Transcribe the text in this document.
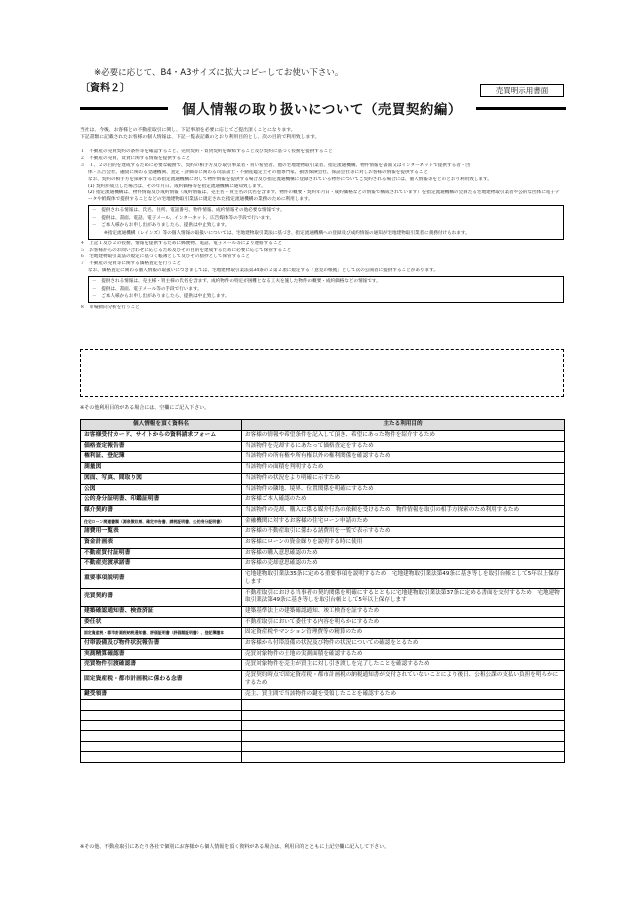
※必要に応じて、B4・A3サイズに拡大コピーしてお使い下さい。
〔資料２〕	売買明示用書面
個人情報の取り扱いについて（売買契約編）

当社は、今後、お客様との不動産取引に関し、下記事項を必要に応じてご提出頂くことになります。

下記書類に記載されたお客様の個人情報は、下記一覧表記載のとおり利用目的とし、次の目的で利用致します。

１　不動産の売買契約の条件等を確認すること、売買契約・賃貸契約を締結すること及び契約に基づく役務を提供すること

２　不動産の売買、賃貸に関する情報を提供すること

３　１、２の目的を達成するために必要な範囲で、契約の相手方及び取引事業者・買い希望者、他の宅地建物取引業者、指定流通機構、物件情報を書面又はインターネットで提供する者・団

体・広告会社、融資に関わる金融機関、査定・評価等に関わる司法書士・不動産鑑定士その他専門家、損害保険会社、保証会社等に対しお客様の情報を提供すること

なお、契約の相手方を探索するため指定流通機構に対して物件情報を提供する場合及び指定流通機構に登録されている物件についてご契約される場合には、個人情報等をとのとおり利用致します。

(1) 契約が成立した場合は、その年月日、成約価格等を指定流通機構に通知致します。

(2) 指定流通機構は、物件情報及び成約情報（成約情報は、売主名・買主名の氏名を含まず、物件の概要・契約年月日・成約価格などの情報で構成されています）を指定流通機構の会員たる宅地建物取引業者や公的な団体に電子データや紙媒体で提供することなどの宅地建物取引業法に規定された指定流通機構の業務のために利用します。

－　提供される情報は、氏名、住所、電話番号、物件情報、成約情報その他必要な情報です。

－　提供は、書面、電話、電子メール、インターネット、広告媒体等の手段で行います。

－　ご本人様からお申し出がありましたら、提供は中止致します。

※指定流通機構（レインズ）等の個人情報の取扱いについては、宅地建物取引業法に基づき、指定流通機構への登録及び成約情報の通知が宅地建物取引業者に義務付けられます。

４　上記１及び２の役務、情報を提供するために郵便物、電話、電子メール等により連絡すること

５　お客様からのお問い合わせに応じるため及びその目的を達成するために必要に応じて保管すること

６　宅地建物取引業法の規定に基づく帳簿として及びその謄抄として保管すること

７　不動産の売買等に関する価格査定を行うこと

なお、価格査定に関わる個人情報の取扱いにつきましては、宅地建物取引業法第34条の２第２項に規定する「意見の根拠」として次の公開者に提供することがあります。

－　提供される情報は、売主様・買主様の氏名を含まず、成約物件の特定が困難となる工夫を施した物件の概要・成約価格などの情報です。

－　提供は、書面、電子メール等の手段で行います。

－　ご本人様からお申し出がありましたら、提供は中止致します。

８　市場動向分析を行うこと

※その他利用目的がある場合には、空欄にご記入下さい。
個人情報を頂く資料名	主たる利用目的
お客様受付カード、サイトからの資料請求フォーム	お客様の情報や希望条件を記入して頂き、希望にあった物件を紹介するため
価格査定報告書	当該物件を売却するにあたって価格査定をするため
権利証、登記簿	当該物件の所有権や所有権以外の権利関係を確認するため
測量図	当該物件の面積を判明するため
図面、写真、間取り図	当該物件の状況をより明確に示すため
公図	当該物件の隣地、境界、位置関係を明確にするため
公的身分証明書、印鑑証明書	お客様ご本人確認のため
媒介契約書	当該物件の売却、購入に係る媒介行為の依頼を受けるため　物件情報を取引の相手方探索のため利用するため
住宅ローン関連書類（源泉徴収票、確定申告書、課税証明書、公的身分証明書）	金融機関に対するお客様の住宅ローン申請のため
諸費用一覧表	お客様の不動産取引に係わる諸費用を一覧で表示するため
資金計画表	お客様にローンの資金繰りを説明する時に使用
不動産買付証明書	お客様の購入意思確認のため
不動産売渡承諾書	お客様の売却意思確認のため
重要事項説明書	宅地建物取引業法35条に定める重要事項を説明するため　宅地建物取引業法第49条に基き等しを取引台帳として5年以上保存します
売買契約書	不動産取引における当事者の契約関係を明確にするとともに宅地建物取引業法第37条に定める書面を交付するため　宅地建物取引業法第49条に基き等しを取引台帳として5年以上保存します
建築確認通知書、検査済証	建築基準法上の建築確認通知、竣工検査を証するため
委任状	不動産取引において委任する内容を明らかにするため
固定資産税・都市計画税納税通知書、評価証明書（評価額証明書）、登記簿謄本	固定資産税やマンション管理費等の精算のため
付帯設備及び物件状況報告書	お客様から付帯設備の状況及び物件の状況についての確認をとるため
実測精算確認書	売買対象物件の土地の実測面積を確認するため
売買物件引渡確認書	売買対象物件を売主が買主に対し引き渡しを完了したことを確認するため
固定資産税・都市計画税に係わる念書	売買契約時点で固定資産税・都市計画税の納税通知書が交付されていないことにより後日、公租公課の支払い負担を明らかにするため
鍵受領書	売主、買主間で当該物件の鍵を受領したことを確認するため

※その他、不動産取引にあたり各社で個別にお客様から個人情報を頂く資料がある場合は、利用目的とともに上記空欄に記入して下さい。
